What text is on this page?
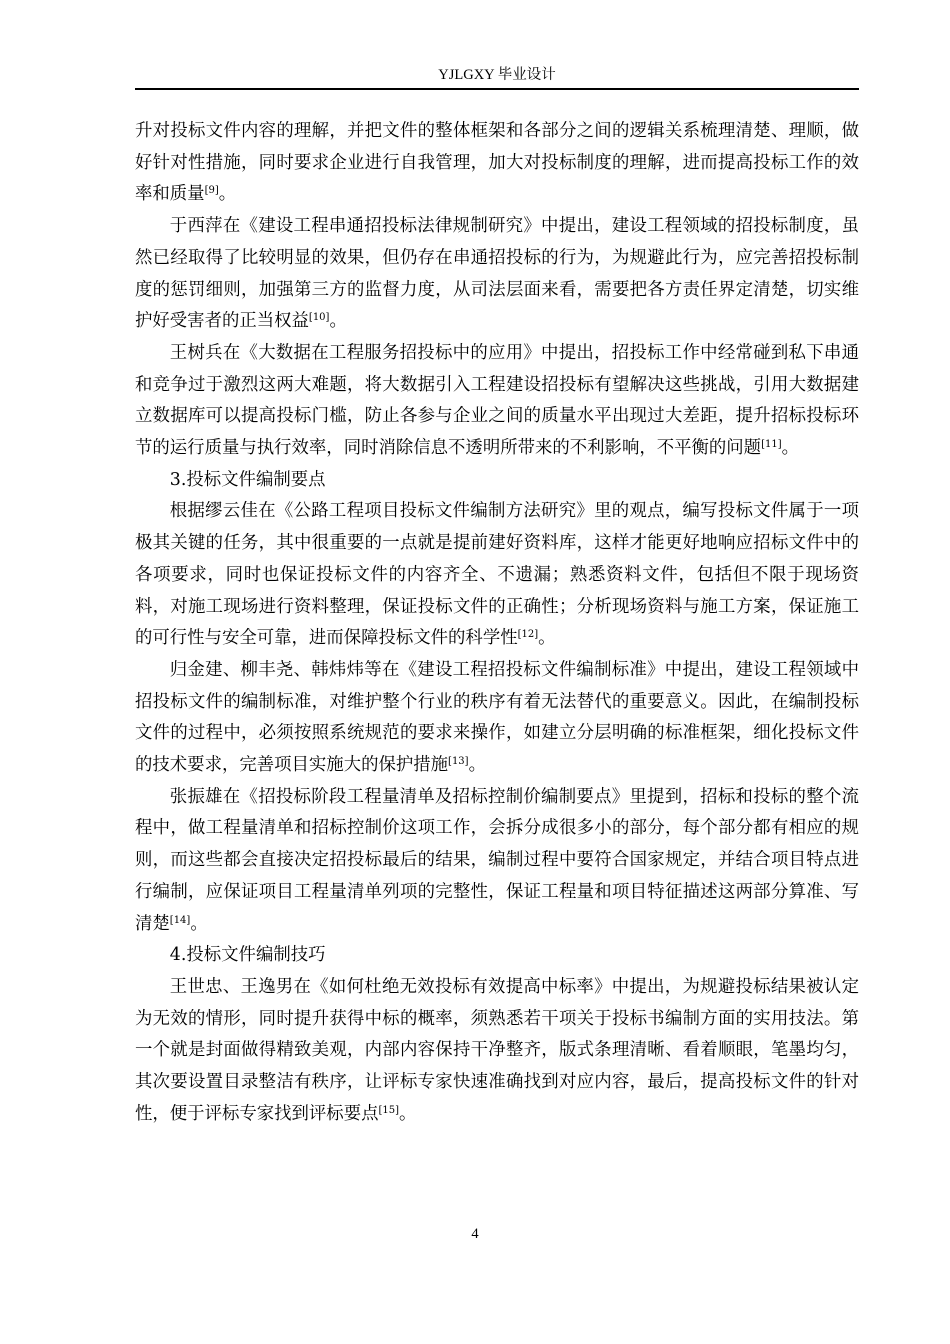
YJLGXY 毕业设计

升对投标文件内容的理解，并把文件的整体框架和各部分之间的逻辑关系梳理清楚、理顺，做好针对性措施，同时要求企业进行自我管理，加大对投标制度的理解，进而提高投标工作的效率和质量[9]。

于西萍在《建设工程串通招投标法律规制研究》中提出，建设工程领域的招投标制度，虽然已经取得了比较明显的效果，但仍存在串通招投标的行为，为规避此行为，应完善招投标制度的惩罚细则，加强第三方的监督力度，从司法层面来看，需要把各方责任界定清楚，切实维护好受害者的正当权益[10]。

王树兵在《大数据在工程服务招投标中的应用》中提出，招投标工作中经常碰到私下串通和竞争过于激烈这两大难题，将大数据引入工程建设招投标有望解决这些挑战，引用大数据建立数据库可以提高投标门槛，防止各参与企业之间的质量水平出现过大差距，提升招标投标环节的运行质量与执行效率，同时消除信息不透明所带来的不利影响，不平衡的问题[11]。

3.投标文件编制要点

根据缪云佳在《公路工程项目投标文件编制方法研究》里的观点，编写投标文件属于一项极其关键的任务，其中很重要的一点就是提前建好资料库，这样才能更好地响应招标文件中的各项要求，同时也保证投标文件的内容齐全、不遗漏；熟悉资料文件，包括但不限于现场资料，对施工现场进行资料整理，保证投标文件的正确性；分析现场资料与施工方案，保证施工的可行性与安全可靠，进而保障投标文件的科学性[12]。

归金建、柳丰尧、韩炜炜等在《建设工程招投标文件编制标准》中提出，建设工程领域中招投标文件的编制标准，对维护整个行业的秩序有着无法替代的重要意义。因此，在编制投标文件的过程中，必须按照系统规范的要求来操作，如建立分层明确的标准框架，细化投标文件的技术要求，完善项目实施大的保护措施[13]。

张振雄在《招投标阶段工程量清单及招标控制价编制要点》里提到，招标和投标的整个流程中，做工程量清单和招标控制价这项工作，会拆分成很多小的部分，每个部分都有相应的规则，而这些都会直接决定招投标最后的结果，编制过程中要符合国家规定，并结合项目特点进行编制，应保证项目工程量清单列项的完整性，保证工程量和项目特征描述这两部分算准、写清楚[14]。

4.投标文件编制技巧

王世忠、王逸男在《如何杜绝无效投标有效提高中标率》中提出，为规避投标结果被认定为无效的情形，同时提升获得中标的概率，须熟悉若干项关于投标书编制方面的实用技法。第一个就是封面做得精致美观，内部内容保持干净整齐，版式条理清晰、看着顺眼，笔墨均匀，其次要设置目录整洁有秩序，让评标专家快速准确找到对应内容，最后，提高投标文件的针对性，便于评标专家找到评标要点[15]。

4
